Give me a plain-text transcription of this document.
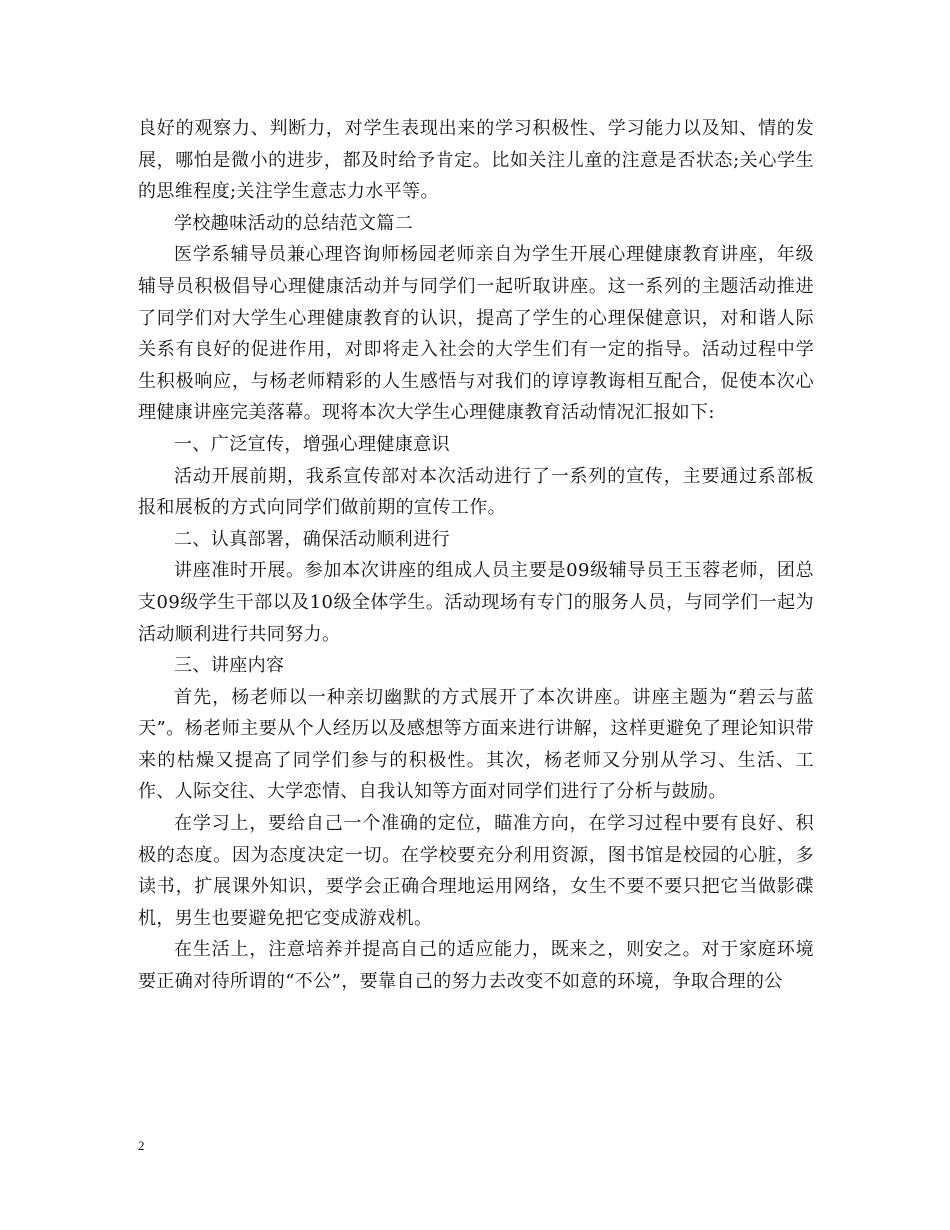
良好的观察力、判断力，对学生表现出来的学习积极性、学习能力以及知、情的发展，哪怕是微小的进步，都及时给予肯定。比如关注儿童的注意是否状态;关心学生的思维程度;关注学生意志力水平等。

学校趣味活动的总结范文篇二

医学系辅导员兼心理咨询师杨园老师亲自为学生开展心理健康教育讲座，年级辅导员积极倡导心理健康活动并与同学们一起听取讲座。这一系列的主题活动推进了同学们对大学生心理健康教育的认识，提高了学生的心理保健意识，对和谐人际关系有良好的促进作用，对即将走入社会的大学生们有一定的指导。活动过程中学生积极响应，与杨老师精彩的人生感悟与对我们的谆谆教诲相互配合，促使本次心理健康讲座完美落幕。现将本次大学生心理健康教育活动情况汇报如下:

一、广泛宣传，增强心理健康意识

活动开展前期，我系宣传部对本次活动进行了一系列的宣传，主要通过系部板报和展板的方式向同学们做前期的宣传工作。

二、认真部署，确保活动顺利进行

讲座准时开展。参加本次讲座的组成人员主要是09级辅导员王玉蓉老师，团总支09级学生干部以及10级全体学生。活动现场有专门的服务人员，与同学们一起为活动顺利进行共同努力。

三、讲座内容

首先，杨老师以一种亲切幽默的方式展开了本次讲座。讲座主题为“碧云与蓝天”。杨老师主要从个人经历以及感想等方面来进行讲解，这样更避免了理论知识带来的枯燥又提高了同学们参与的积极性。其次，杨老师又分别从学习、生活、工作、人际交往、大学恋情、自我认知等方面对同学们进行了分析与鼓励。

在学习上，要给自己一个准确的定位，瞄准方向，在学习过程中要有良好、积极的态度。因为态度决定一切。在学校要充分利用资源，图书馆是校园的心脏，多读书，扩展课外知识，要学会正确合理地运用网络，女生不要不要只把它当做影碟机，男生也要避免把它变成游戏机。

在生活上，注意培养并提高自己的适应能力，既来之，则安之。对于家庭环境要正确对待所谓的“不公”，要靠自己的努力去改变不如意的环境，争取合理的公

2
